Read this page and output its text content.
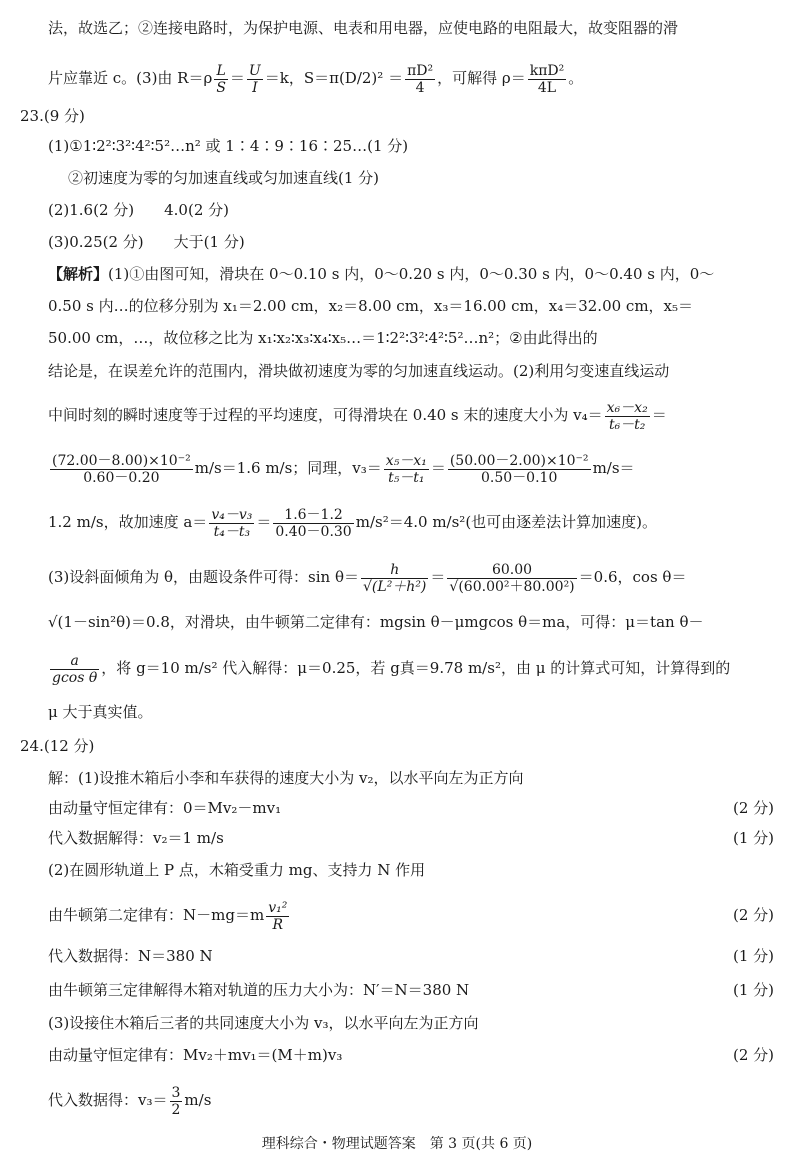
法，故选乙；②连接电路时，为保护电源、电表和用电器，应使电路的电阻最大，故变阻器的滑
片应靠近 c。(3)由 $R=\rho \frac{L}{S} = \frac{U}{I} =k$，$S=\pi(D/2)^2 = \frac{\text{πD²}}{4}$ ，可解得 $\rho= \frac{\text{kπD²}}{4L}$ 。
23.(9 分)
(1)①1∶2²∶3²∶4²∶5²…n² 或 1∶4∶9∶16∶25…(1 分)
②初速度为零的匀加速直线或匀加速直线(1 分)
(2)1.6(2 分)　　4.0(2 分)
(3)0.25(2 分)　　大于(1 分)
【解析】(1)①由图可知，滑块在 0～0.10 s 内，0～0.20 s 内，0～0.30 s 内，0～0.40 s 内，0～
0.50 s 内…的位移分别为 x₁＝2.00 cm，x₂＝8.00 cm，x₃＝16.00 cm，x₄＝32.00 cm，x₅＝
50.00 cm，…，故位移之比为 x₁∶x₂∶x₃∶x₄∶x₅…＝1∶2²∶3²∶4²∶5²…n²；②由此得出的
结论是，在误差允许的范围内，滑块做初速度为零的匀加速直线运动。(2)利用匀变速直线运动
中间时刻的瞬时速度等于过程的平均速度，可得滑块在 0.40 s 末的速度大小为 $v_4= \frac{\text{x₆－x₂}}{\text{t₆－t₂}}$ ＝
$\frac{\text{(72.00－8.00)×10⁻²}}{0.60-0.20} m/s=1.6$ m/s；同理，$v_3= \frac{\text{x₅－x₁}}{\text{t₅－t₁}} = \frac{\text{(50.00－2.00)×10⁻²}}{0.50-0.10} m/s=$
1.2 m/s，故加速度 $a= \frac{\text{v₄－v₃}}{\text{t₄－t₃}} = \frac{1.6-1.2}{0.40-0.30} m/s^2=4.0$ m/s²(也可由逐差法计算加速度)。
(3)设斜面倾角为 θ，由题设条件可得：$\sin \theta= \frac{h}{\text{√(L²＋h²)}} = \frac{60.00}{\text{√(60.00²＋80.00²)}} =0.6$，cos θ＝
√(1－sin²θ)＝0.8，对滑块，由牛顿第二定律有：mgsin θ－μmgcos θ＝ma，可得：μ＝tan θ－
$\frac{a}{\text{gcos θ}}$ ，将 g＝10 m/s² 代入解得：μ＝0.25，若 g真＝9.78 m/s²，由 μ 的计算式可知，计算得到的
μ 大于真实值。
24.(12 分)
解：(1)设推木箱后小李和车获得的速度大小为 v₂，以水平向左为正方向
由动量守恒定律有：0＝Mv₂－mv₁	(2 分)
代入数据解得：v₂＝1 m/s	(1 分)
(2)在圆形轨道上 P 点，木箱受重力 mg、支持力 N 作用
由牛顿第二定律有：$N-mg=m \frac{\text{v₁²}}{R}$	(2 分)
代入数据得：N＝380 N	(1 分)
由牛顿第三定律解得木箱对轨道的压力大小为：N′＝N＝380 N	(1 分)
(3)设接住木箱后三者的共同速度大小为 v₃，以水平向左为正方向
由动量守恒定律有：Mv₂＋mv₁＝(M＋m)v₃	(2 分)
代入数据得：$v_3= \frac{3}{2} m/s$
理科综合・物理试题答案　第 3 页(共 6 页)
